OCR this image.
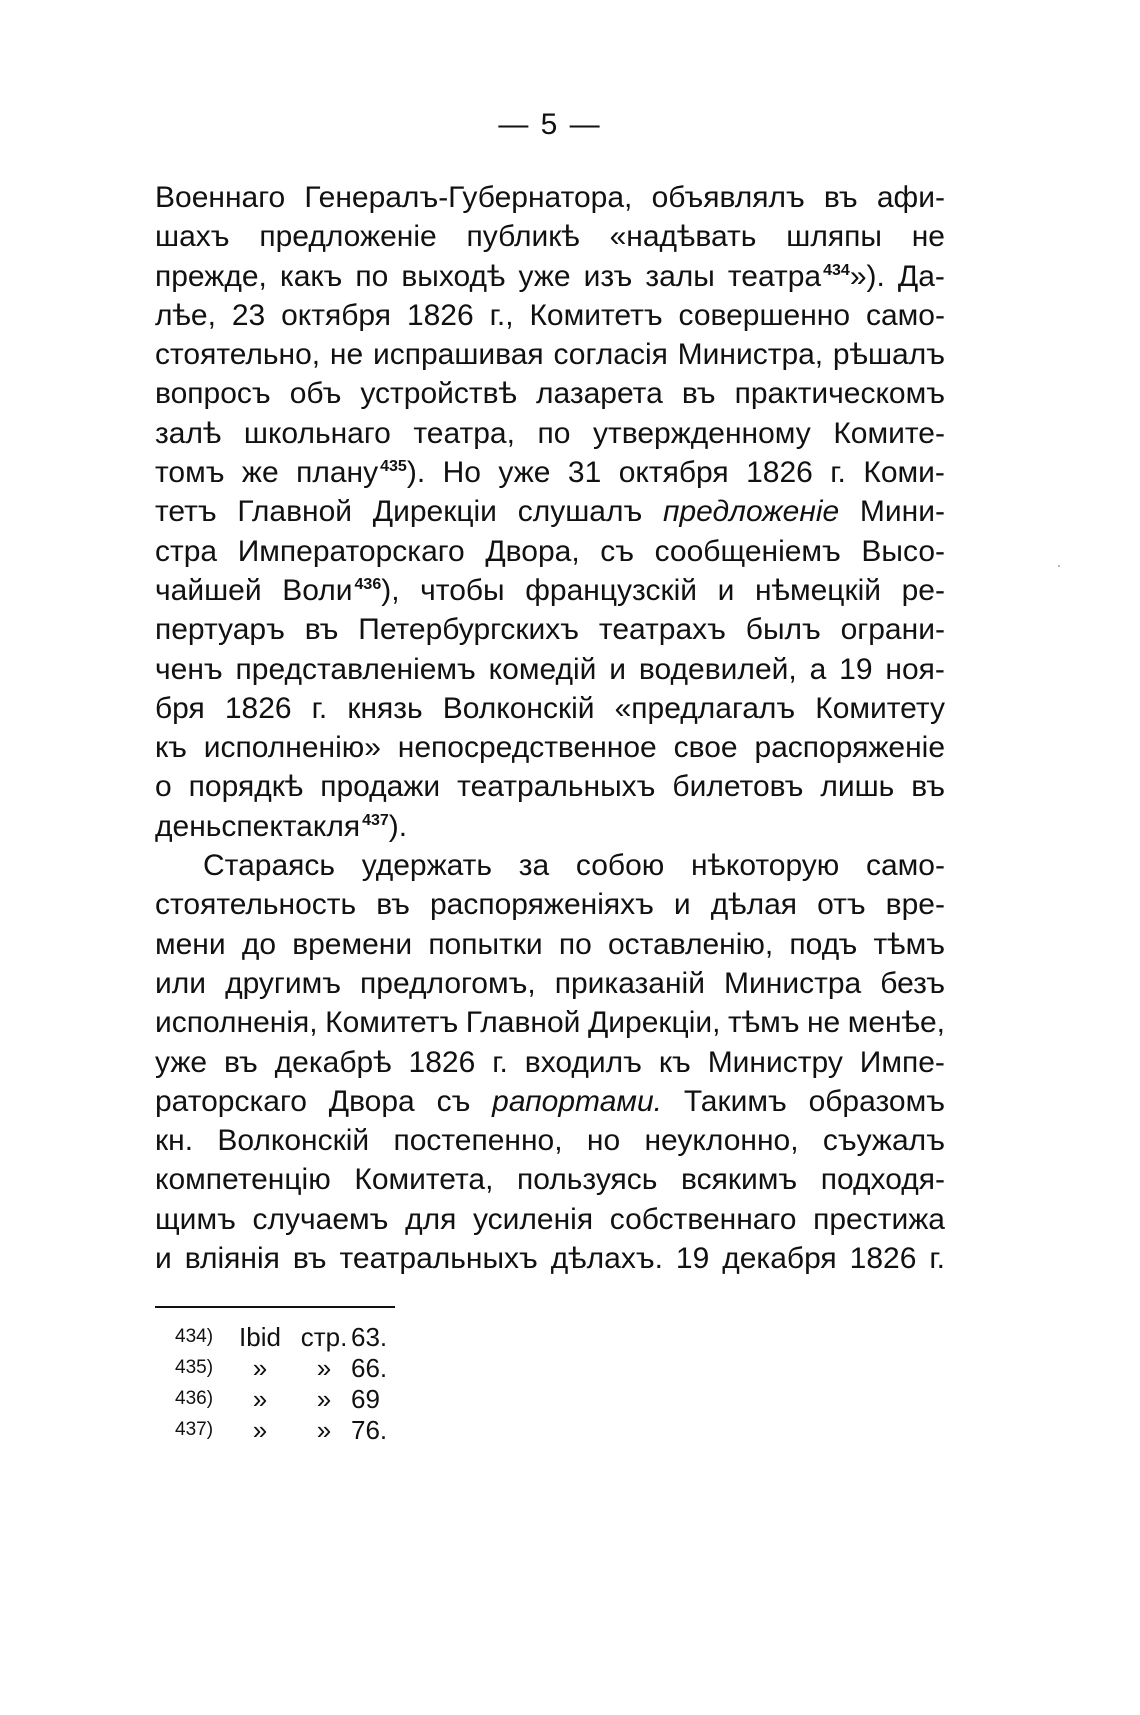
— 5 —
Военнаго Генералъ-Губернатора, объявлялъ въ афи-
шахъ предложеніе публикѣ «надѣвать шляпы не
прежде, какъ по выходѣ уже изъ залы театра $^{434}$»). Да-
лѣе, 23 октября 1826 г., Комитетъ совершенно само-
стоятельно, не испрашивая согласія Министра, рѣшалъ
вопросъ объ устройствѣ лазарета въ практическомъ
залѣ школьнаго театра, по утвержденному Комите-
томъ же плану $^{435}$). Но уже 31 октября 1826 г. Коми-
тетъ Главной Дирекціи слушалъ предложеніе Мини-
стра Императорскаго Двора, съ сообщеніемъ Высо-
чайшей Воли $^{436}$), чтобы французскій и нѣмецкій ре-
пертуаръ въ Петербургскихъ театрахъ былъ ограни-
ченъ представленіемъ комедій и водевилей, а 19 ноя-
бря 1826 г. князь Волконскій «предлагалъ Комитету
къ исполненію» непосредственное свое распоряженіе
о порядкѣ продажи театральныхъ билетовъ лишь въ
день спектакля $^{437}$).
Стараясь удержать за собою нѣкоторую само-
стоятельность въ распоряженіяхъ и дѣлая отъ вре-
мени до времени попытки по оставленію, подъ тѣмъ
или другимъ предлогомъ, приказаній Министра безъ
исполненія, Комитетъ Главной Дирекціи, тѣмъ не менѣе,
уже въ декабрѣ 1826 г. входилъ къ Министру Импе-
раторскаго Двора съ рапортами. Такимъ образомъ
кн. Волконскій постепенно, но неуклонно, съужалъ
компетенцію Комитета, пользуясь всякимъ подходя-
щимъ случаемъ для усиленія собственнаго престижа
и вліянія въ театральныхъ дѣлахъ. 19 декабря 1826 г.
434) Ibid стр. 63.
435) » » 66.
436) » » 69
437) » » 76.
